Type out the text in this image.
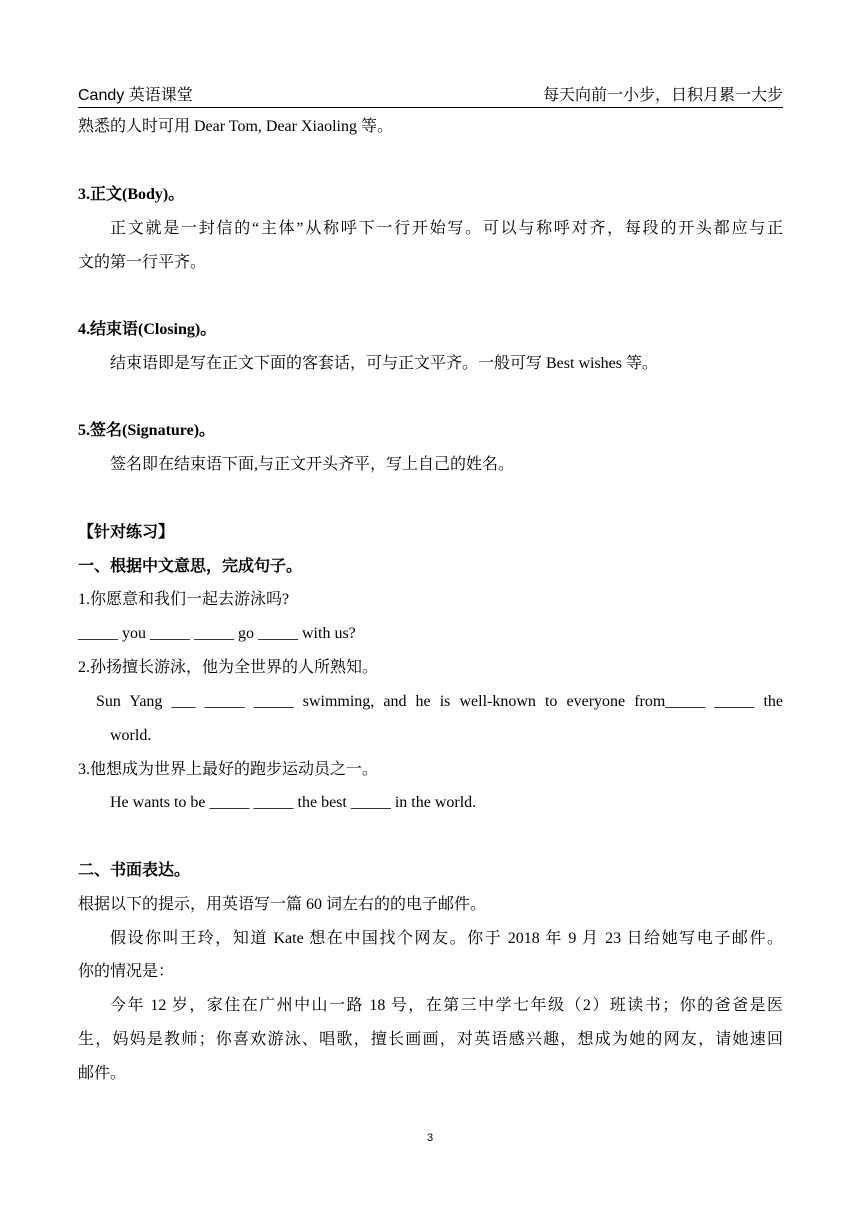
Candy 英语课堂	每天向前一小步，日积月累一大步
熟悉的人时可用 Dear Tom, Dear Xiaoling 等。
3.正文(Body)。
正文就是一封信的“主体”从称呼下一行开始写。可以与称呼对齐，每段的开头都应与正
文的第一行平齐。
4.结束语(Closing)。
结束语即是写在正文下面的客套话，可与正文平齐。一般可写 Best wishes 等。
5.签名(Signature)。
签名即在结束语下面,与正文开头齐平，写上自己的姓名。
【针对练习】
一、根据中文意思，完成句子。
1.你愿意和我们一起去游泳吗?
_____ you _____ _____ go _____ with us?
2.孙扬擅长游泳，他为全世界的人所熟知。
Sun Yang ___ _____ _____ swimming, and he is well-known to everyone from_____ _____ the
world.
3.他想成为世界上最好的跑步运动员之一。
He wants to be _____ _____ the best _____ in the world.
二、书面表达。
根据以下的提示，用英语写一篇 60 词左右的的电子邮件。
假设你叫王玲，知道 Kate 想在中国找个网友。你于 2018 年 9 月 23 日给她写电子邮件。
你的情况是：
今年 12 岁，家住在广州中山一路 18 号，在第三中学七年级（2）班读书；你的爸爸是医
生，妈妈是教师；你喜欢游泳、唱歌，擅长画画，对英语感兴趣，想成为她的网友，请她速回
邮件。
3
